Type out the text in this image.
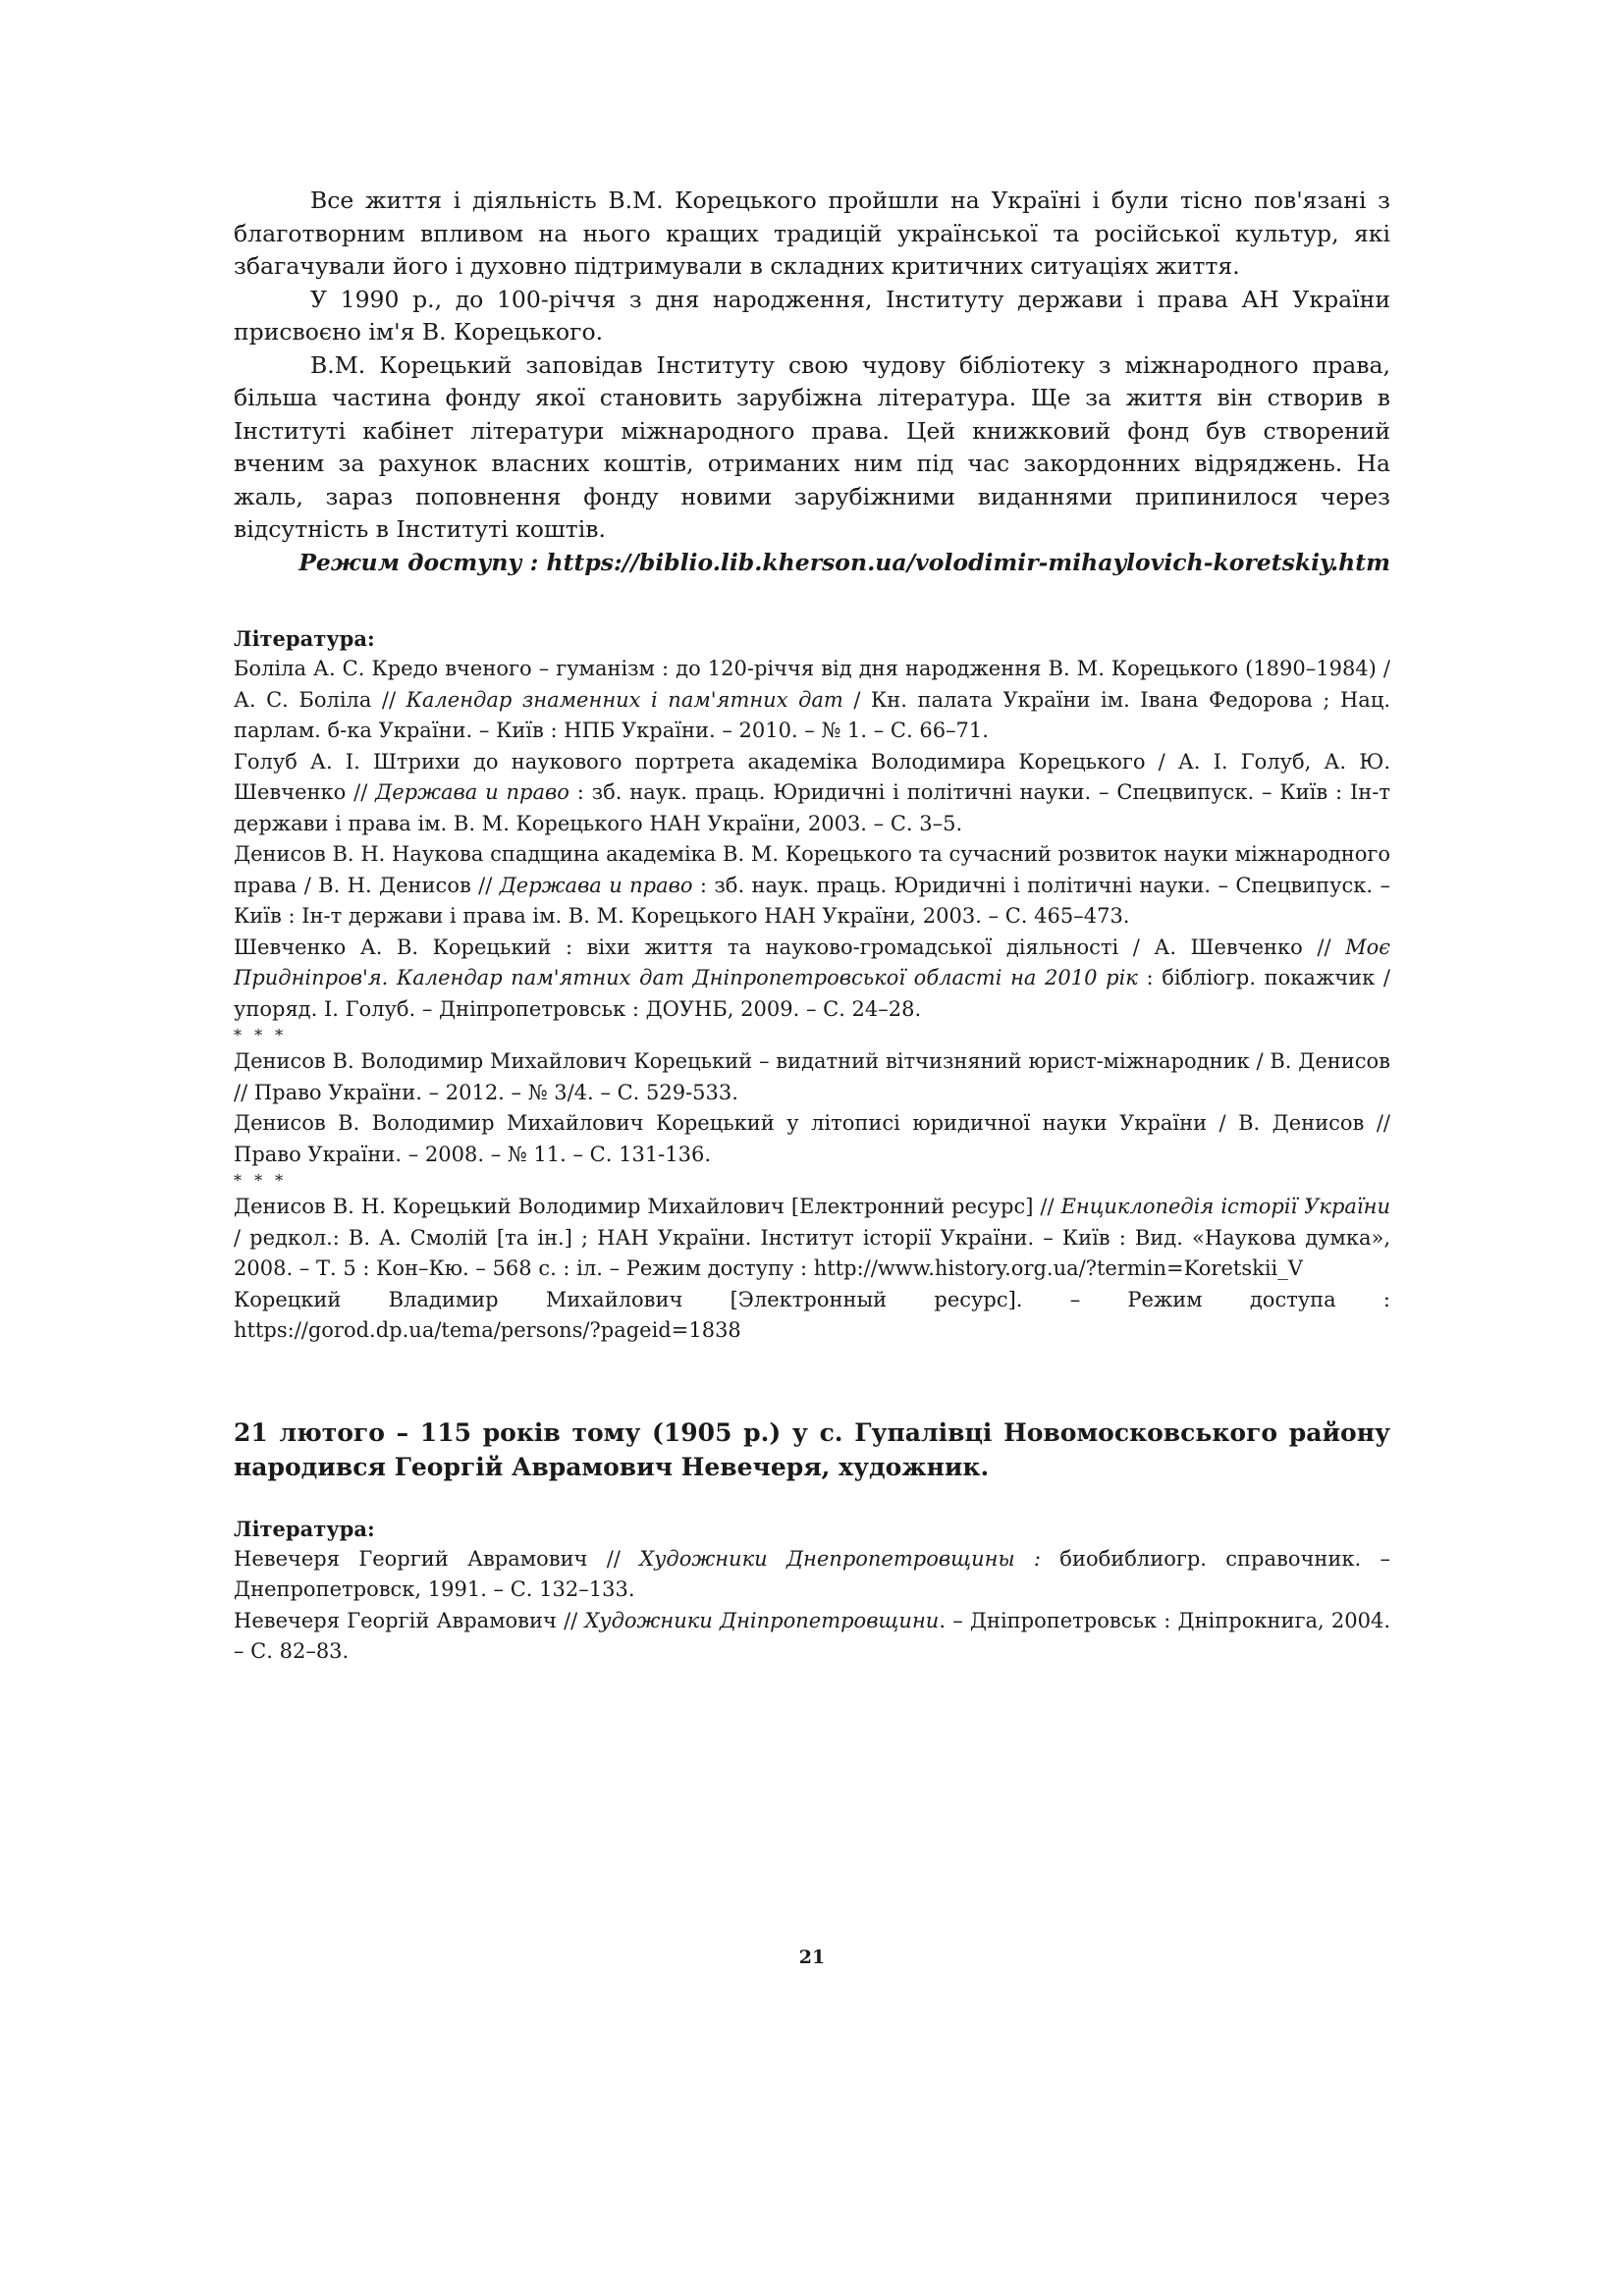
Все життя і діяльність В.М. Корецького пройшли на Україні і були тісно пов'язані з благотворним впливом на нього кращих традицій української та російської культур, які збагачували його і духовно підтримували в складних критичних ситуаціях життя.

У 1990 р., до 100-річчя з дня народження, Інституту держави і права АН України присвоєно ім'я В. Корецького.

В.М. Корецький заповідав Інституту свою чудову бібліотеку з міжнародного права, більша частина фонду якої становить зарубіжна література. Ще за життя він створив в Інституті кабінет літератури міжнародного права. Цей книжковий фонд був створений вченим за рахунок власних коштів, отриманих ним під час закордонних відряджень. На жаль, зараз поповнення фонду новими зарубіжними виданнями припинилося через відсутність в Інституті коштів.

Режим доступу : https://biblio.lib.kherson.ua/volodimir-mihaylovich-koretskiy.htm

Література:

Боліла А. С. Кредо вченого – гуманізм : до 120-річчя від дня народження В. М. Корецького (1890–1984) / А. С. Боліла // Календар знаменних і пам'ятних дат / Кн. палата України ім. Івана Федорова ; Нац. парлам. б-ка України. – Київ : НПБ України. – 2010. – № 1. – С. 66–71.

Голуб А. І. Штрихи до наукового портрета академіка Володимира Корецького / А. І. Голуб, А. Ю. Шевченко // Держава и право : зб. наук. праць. Юридичні і політичні науки. – Спецвипуск. – Київ : Ін-т держави і права ім. В. М. Корецького НАН України, 2003. – С. 3–5.

Денисов В. Н. Наукова спадщина академіка В. М. Корецького та сучасний розвиток науки міжнародного права / В. Н. Денисов // Держава и право : зб. наук. праць. Юридичні і політичні науки. – Спецвипуск. – Київ : Ін-т держави і права ім. В. М. Корецького НАН України, 2003. – С. 465–473.

Шевченко А. В. Корецький : віхи життя та науково-громадської діяльності / А. Шевченко // Моє Придніпров'я. Календар пам'ятних дат Дніпропетровської області на 2010 рік : бібліогр. покажчик / упоряд. І. Голуб. – Дніпропетровськ : ДОУНБ, 2009. – С. 24–28.

* * *

Денисов В. Володимир Михайлович Корецький – видатний вітчизняний юрист-міжнародник / В. Денисов // Право України. – 2012. – № 3/4. – С. 529-533.

Денисов В. Володимир Михайлович Корецький у літописі юридичної науки України / В. Денисов // Право України. – 2008. – № 11. – С. 131-136.

* * *

Денисов В. Н. Корецький Володимир Михайлович [Електронний ресурс] // Енциклопедія історії України / редкол.: В. А. Смолій [та ін.] ; НАН України. Інститут історії України. – Київ : Вид. «Наукова думка», 2008. – Т. 5 : Кон–Кю. – 568 с. : іл. – Режим доступу : http://www.history.org.ua/?termin=Koretskii_V

Корецкий Владимир Михайлович [Электронный ресурс]. – Режим доступа :

https://gorod.dp.ua/tema/persons/?pageid=1838

21 лютого – 115 років тому (1905 р.) у с. Гупалівці Новомосковського району народився Георгій Аврамович Невечеря, художник.

Література:

Невечеря Георгий Аврамович // Художники Днепропетровщины : биобиблиогр. справочник. – Днепропетровск, 1991. – С. 132–133.

Невечеря Георгій Аврамович // Художники Дніпропетровщини. – Дніпропетровськ : Дніпрокнига, 2004. – С. 82–83.

21
